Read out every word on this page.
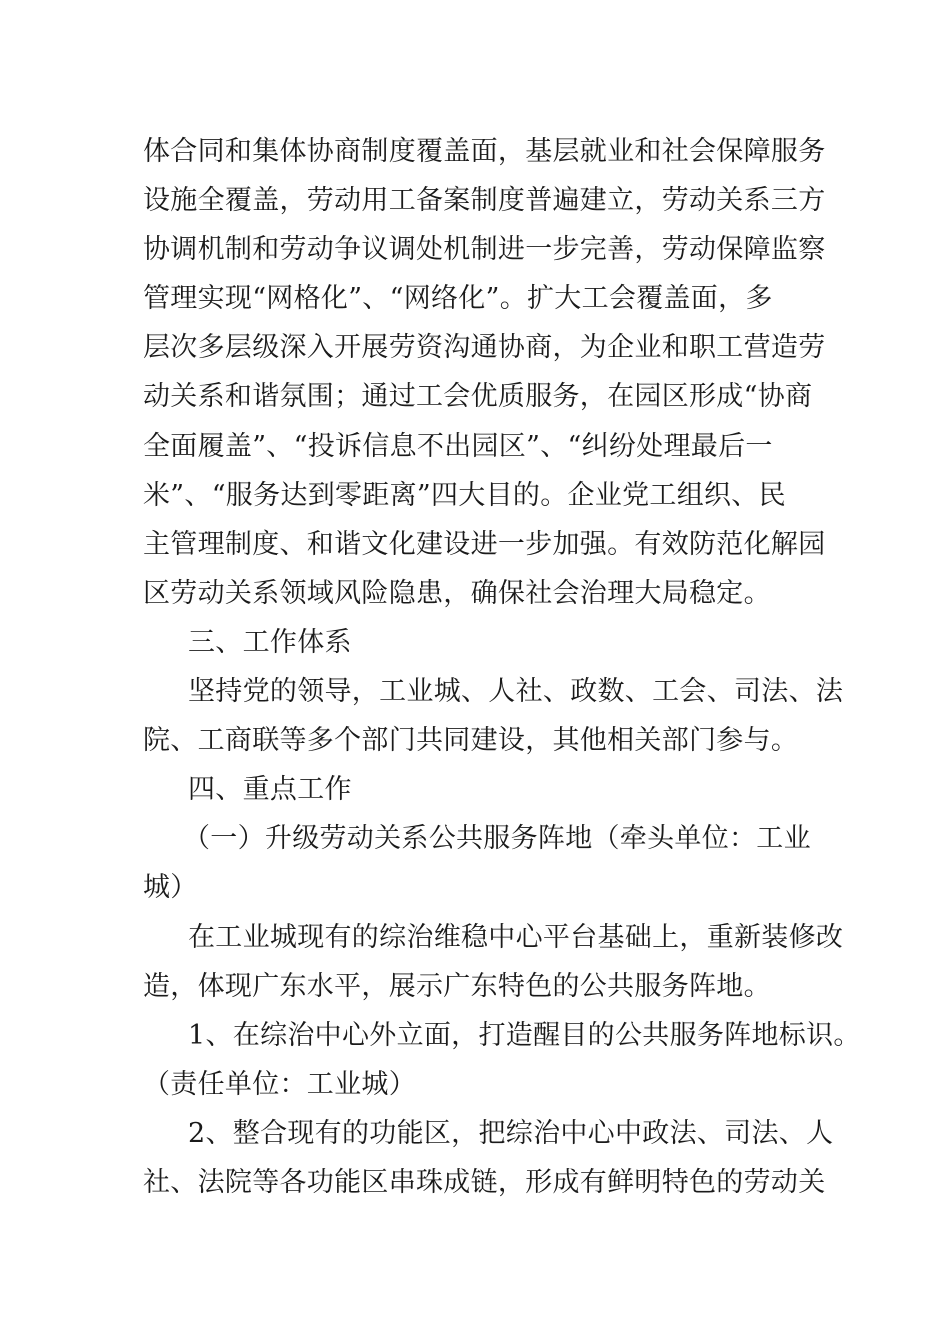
体合同和集体协商制度覆盖面，基层就业和社会保障服务
设施全覆盖，劳动用工备案制度普遍建立，劳动关系三方
协调机制和劳动争议调处机制进一步完善，劳动保障监察
管理实现“网格化”、“网络化”。扩大工会覆盖面，多
层次多层级深入开展劳资沟通协商，为企业和职工营造劳
动关系和谐氛围；通过工会优质服务，在园区形成“协商
全面履盖”、“投诉信息不出园区”、“纠纷处理最后一
米”、“服务达到零距离”四大目的。企业党工组织、民
主管理制度、和谐文化建设进一步加强。有效防范化解园
区劳动关系领域风险隐患，确保社会治理大局稳定。
三、工作体系
坚持党的领导，工业城、人社、政数、工会、司法、法
院、工商联等多个部门共同建设，其他相关部门参与。
四、重点工作
（一）升级劳动关系公共服务阵地（牵头单位：工业
城）
在工业城现有的综治维稳中心平台基础上，重新装修改
造，体现广东水平，展示广东特色的公共服务阵地。
1、在综治中心外立面，打造醒目的公共服务阵地标识。
（责任单位：工业城）
2、整合现有的功能区，把综治中心中政法、司法、人
社、法院等各功能区串珠成链，形成有鲜明特色的劳动关
